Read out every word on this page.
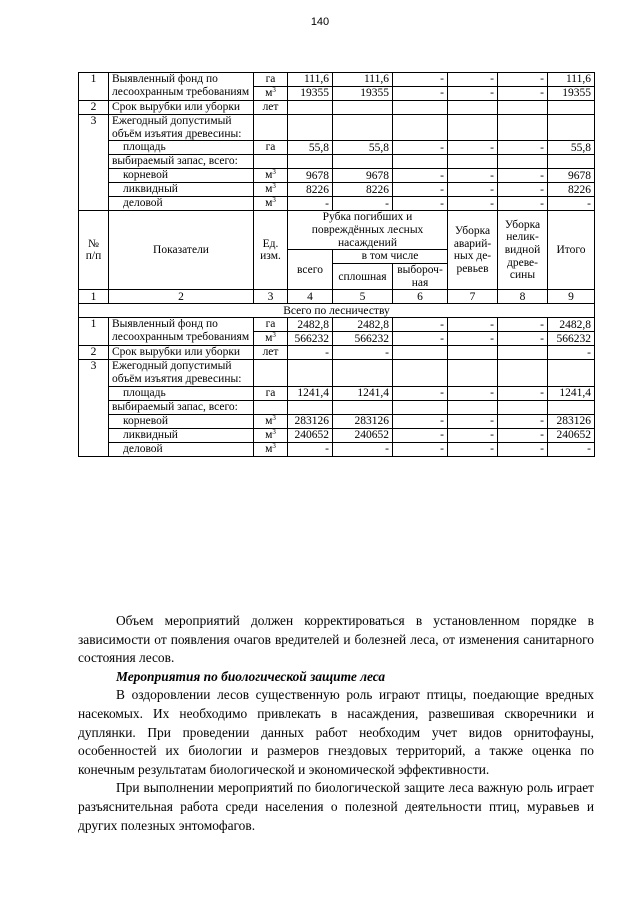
140
1	Выявленный фонд по лесоохранным требованиям	га	111,6	111,6	-	-	-	111,6
		$м^3$	19355	19355	-	-	-	19355
2	Срок вырубки или уборки	лет						
3	Ежегодный допустимый объём изъятия древесины:							
	площадь	га	55,8	55,8	-	-	-	55,8
	выбираемый запас, всего:							
	корневой	$м^3$	9678	9678	-	-	-	9678
	ликвидный	$м^3$	8226	8226	-	-	-	8226
	деловой	$м^3$	-	-	-	-	-	-
№ п/п	Показатели	Ед. изм.	Рубка погибших и повреждённых лесных насаждений			Уборка аварий-ных де-ревьев	Уборка нелик-видной древе-сины	Итого
			всего	в том числе				
				сплошная	выбороч-ная			
1	2	3	4	5	6	7	8	9
Всего по лесничеству								
1	Выявленный фонд по лесоохранным требованиям	га	2482,8	2482,8	-	-	-	2482,8
		$м^3$	566232	566232	-	-	-	566232
2	Срок вырубки или уборки	лет	-	-				-
3	Ежегодный допустимый объём изъятия древесины:							
	площадь	га	1241,4	1241,4	-	-	-	1241,4
	выбираемый запас, всего:							
	корневой	$м^3$	283126	283126	-	-	-	283126
	ликвидный	$м^3$	240652	240652	-	-	-	240652
	деловой	$м^3$	-	-	-	-	-	-

Объем мероприятий должен корректироваться в установленном порядке в зависимости от появления очагов вредителей и болезней леса, от изменения санитарного состояния лесов.

Мероприятия по биологической защите леса

В оздоровлении лесов существенную роль играют птицы, поедающие вредных насекомых. Их необходимо привлекать в насаждения, развешивая скворечники и дуплянки. При проведении данных работ необходим учет видов орнитофауны, особенностей их биологии и размеров гнездовых территорий, а также оценка по конечным результатам биологической и экономической эффективности.

При выполнении мероприятий по биологической защите леса важную роль играет разъяснительная работа среди населения о полезной деятельности птиц, муравьев и других полезных энтомофагов.
